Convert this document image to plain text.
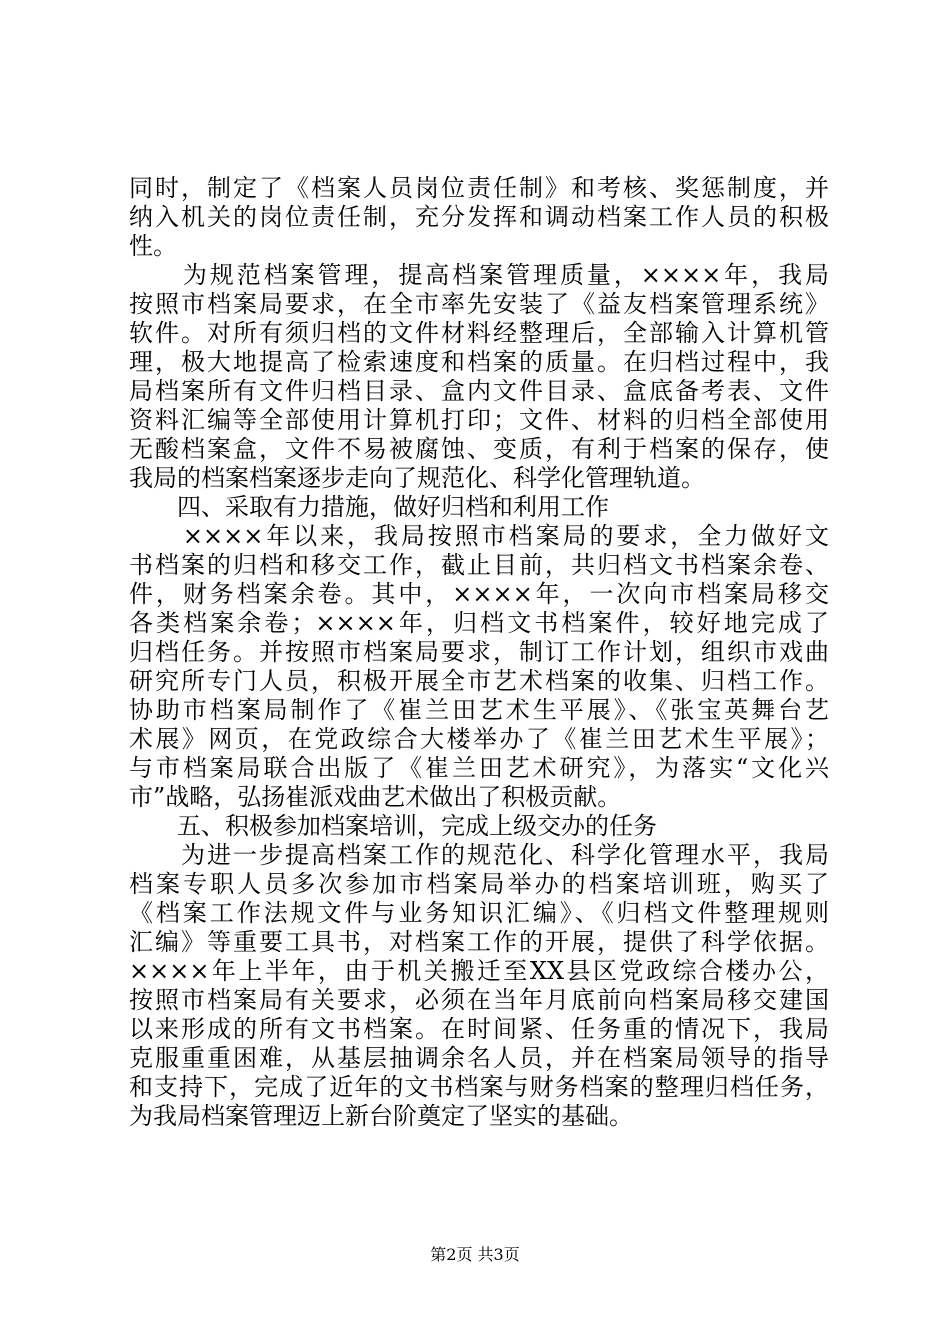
同时，制定了《档案人员岗位责任制》和考核、奖惩制度，并
纳入机关的岗位责任制，充分发挥和调动档案工作人员的积极
性。
　　为规范档案管理，提高档案管理质量，××××年，我局
按照市档案局要求，在全市率先安装了《益友档案管理系统》
软件。对所有须归档的文件材料经整理后，全部输入计算机管
理，极大地提高了检索速度和档案的质量。在归档过程中，我
局档案所有文件归档目录、盒内文件目录、盒底备考表、文件
资料汇编等全部使用计算机打印；文件、材料的归档全部使用
无酸档案盒，文件不易被腐蚀、变质，有利于档案的保存，使
我局的档案档案逐步走向了规范化、科学化管理轨道。
　　四、采取有力措施，做好归档和利用工作
　　××××年以来，我局按照市档案局的要求，全力做好文
书档案的归档和移交工作，截止目前，共归档文书档案余卷、
件，财务档案余卷。其中，××××年，一次向市档案局移交
各类档案余卷；××××年，归档文书档案件，较好地完成了
归档任务。并按照市档案局要求，制订工作计划，组织市戏曲
研究所专门人员，积极开展全市艺术档案的收集、归档工作。
协助市档案局制作了《崔兰田艺术生平展》、《张宝英舞台艺
术展》网页，在党政综合大楼举办了《崔兰田艺术生平展》；
与市档案局联合出版了《崔兰田艺术研究》，为落实“文化兴
市”战略，弘扬崔派戏曲艺术做出了积极贡献。
　　五、积极参加档案培训，完成上级交办的任务
　　为进一步提高档案工作的规范化、科学化管理水平，我局
档案专职人员多次参加市档案局举办的档案培训班，购买了
《档案工作法规文件与业务知识汇编》、《归档文件整理规则
汇编》等重要工具书，对档案工作的开展，提供了科学依据。
××××年上半年，由于机关搬迁至XX县区党政综合楼办公，
按照市档案局有关要求，必须在当年月底前向档案局移交建国
以来形成的所有文书档案。在时间紧、任务重的情况下，我局
克服重重困难，从基层抽调余名人员，并在档案局领导的指导
和支持下，完成了近年的文书档案与财务档案的整理归档任务，
为我局档案管理迈上新台阶奠定了坚实的基础。
第2页 共3页
